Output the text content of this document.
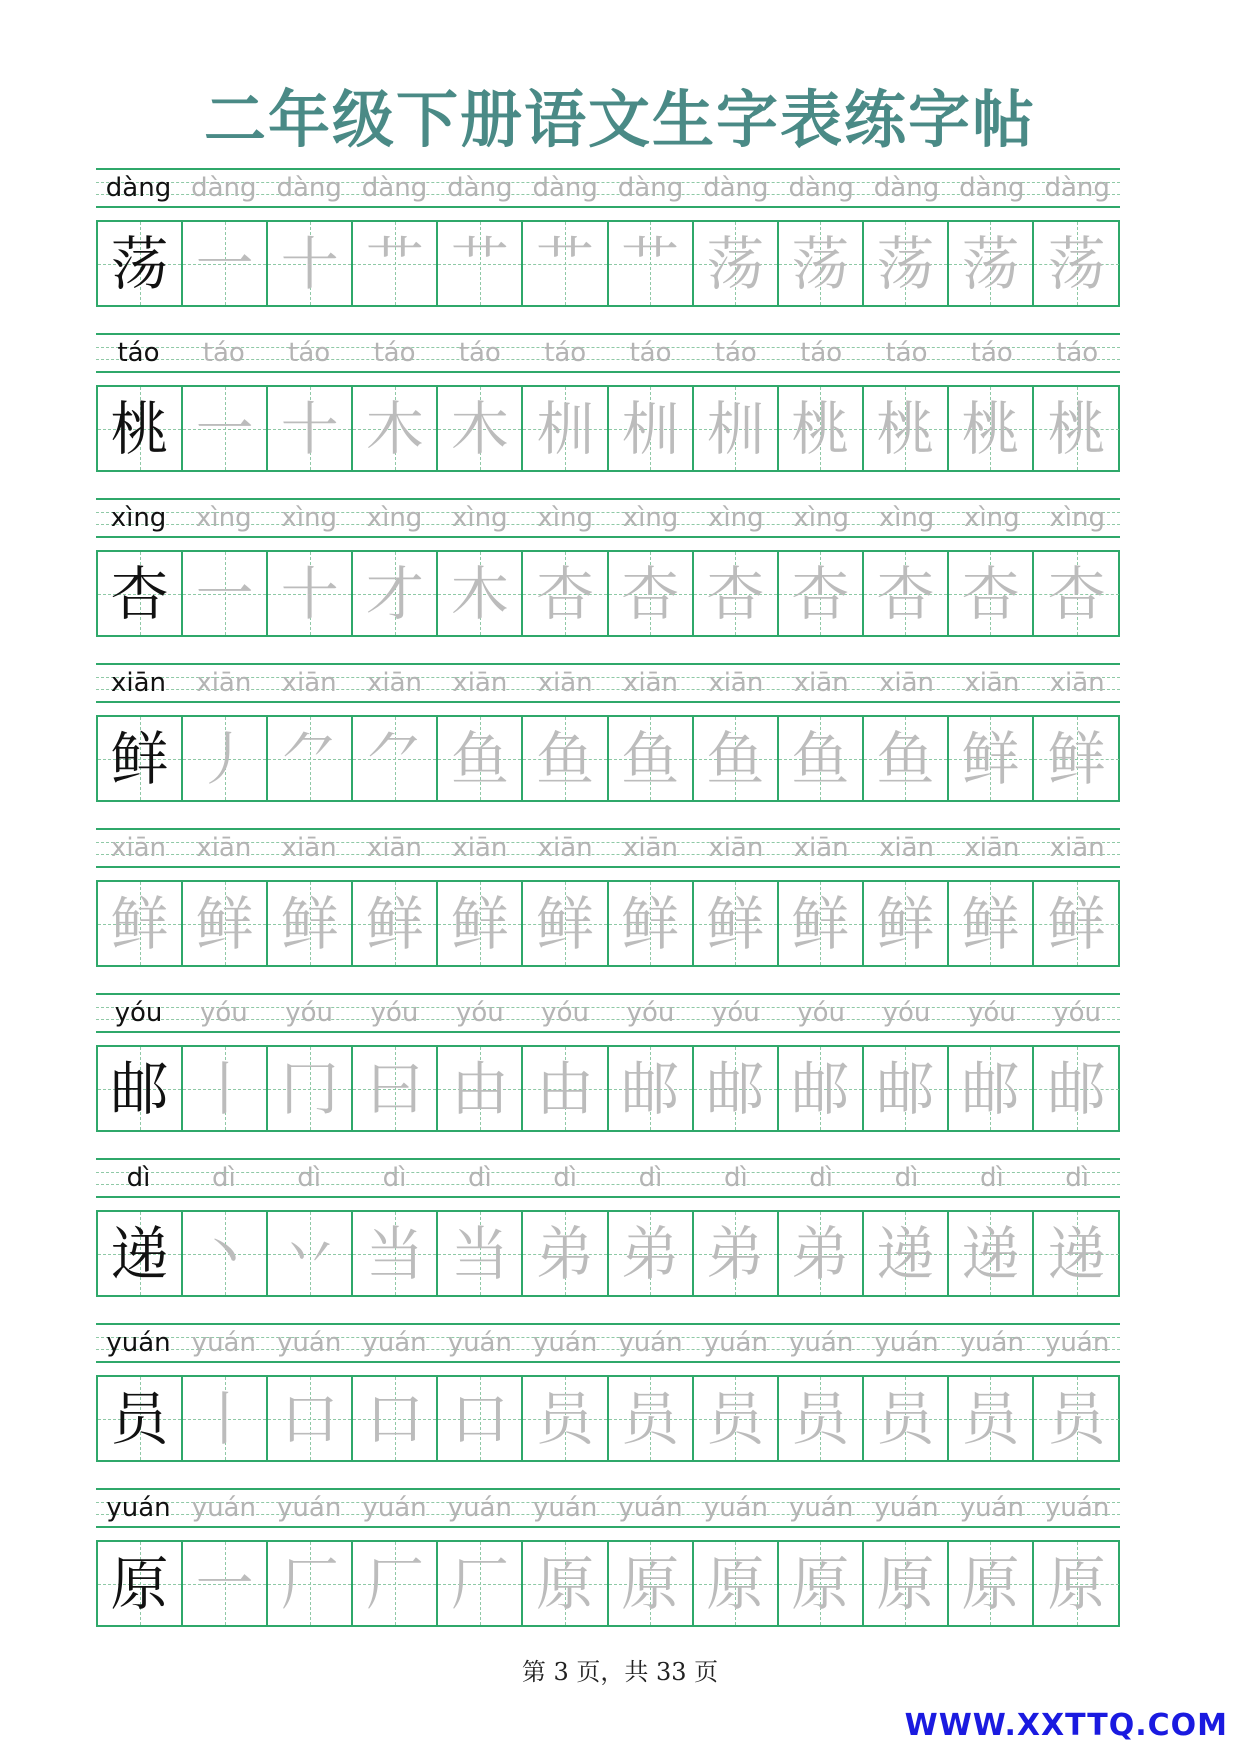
二年级下册语文生字表练字帖
dàng dàng dàng dàng dàng dàng dàng dàng dàng dàng dàng dàng
荡 一 十 艹 艹 艹 艹 荡 荡 荡 荡 荡
táo	táo	táo	táo	táo	táo	táo	táo	táo	táo	táo	táo
桃 一 十 木 木 杊 杊 杊 桃 桃 桃 桃
xìng	xìng	xìng	xìng	xìng	xìng	xìng	xìng	xìng	xìng	xìng	xìng
杏 一 十 才 木 杏 杏 杏 杏 杏 杏 杏
xiān	xiān	xiān	xiān	xiān	xiān	xiān	xiān	xiān	xiān	xiān	xiān
鲜 丿 ⺈ ⺈ 鱼 鱼 鱼 鱼 鱼 鱼 鲜 鲜
xiān	xiān	xiān	xiān	xiān	xiān	xiān	xiān	xiān	xiān	xiān	xiān
鲜 鲜 鲜 鲜 鲜 鲜 鲜 鲜 鲜 鲜 鲜 鲜
yóu	yóu	yóu	yóu	yóu	yóu	yóu	yóu	yóu	yóu	yóu	yóu
邮 丨 冂 曰 由 由 邮 邮 邮 邮 邮 邮
dì	dì	dì	dì	dì	dì	dì	dì	dì	dì	dì	dì
递 丶 丷 当 当 弟 弟 弟 弟 递 递 递
yuán yuán yuán yuán yuán yuán yuán yuán yuán yuán yuán yuán
员 丨 口 口 口 员 员 员 员 员 员 员
yuán yuán yuán yuán yuán yuán yuán yuán yuán yuán yuán yuán
原 一 厂 厂 厂 原 原 原 原 原 原 原
第 3 页，共 33 页
WWW.XXTTQ.COM
